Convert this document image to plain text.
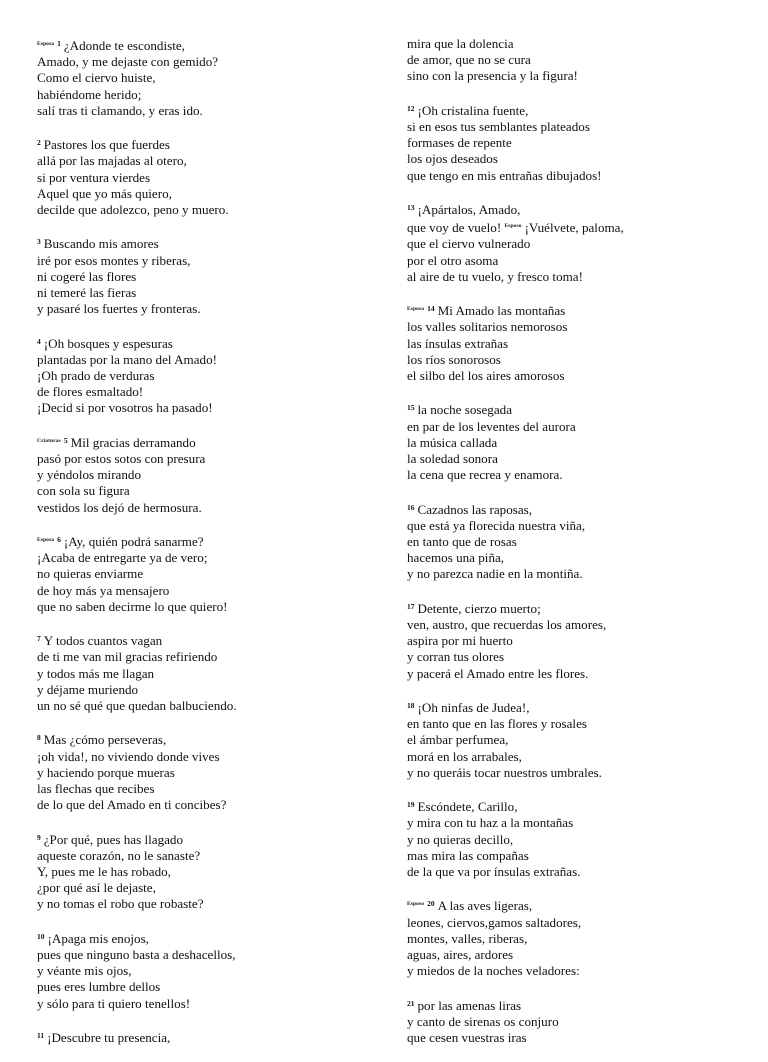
$^{Esposa}$ $^1$ ¿Adonde te escondiste,
Amado, y me dejaste con gemido?
Como el ciervo huiste,
habiéndome herido;
salí tras ti clamando, y eras ido.
$^2$ Pastores los que fuerdes
allá por las majadas al otero,
si por ventura vierdes
Aquel que yo más quiero,
decilde que adolezco, peno y muero.
$^3$ Buscando mis amores
iré por esos montes y riberas,
ni cogeré las flores
ni temeré las fieras
y pasaré los fuertes y fronteras.
$^4$ ¡Oh bosques y espesuras
plantadas por la mano del Amado!
¡Oh prado de verduras
de flores esmaltado!
¡Decid si por vosotros ha pasado!
$^{Criaturas}$ $^5$ Mil gracias derramando
pasó por estos sotos con presura
y yéndolos mirando
con sola su figura
vestidos los dejó de hermosura.
$^{Esposa}$ $^6$ ¡Ay, quién podrá sanarme?
¡Acaba de entregarte ya de vero;
no quieras enviarme
de hoy más ya mensajero
que no saben decirme lo que quiero!
$^7$ Y todos cuantos vagan
de ti me van mil gracias refiriendo
y todos más me llagan
y déjame muriendo
un no sé qué que quedan balbuciendo.
$^8$ Mas ¿cómo perseveras,
¡oh vida!, no viviendo donde vives
y haciendo porque mueras
las flechas que recibes
de lo que del Amado en ti concibes?
$^9$ ¿Por qué, pues has llagado
aqueste corazón, no le sanaste?
Y, pues me le has robado,
¿por qué así le dejaste,
y no tomas el robo que robaste?
$^{10}$ ¡Apaga mis enojos,
pues que ninguno basta a deshacellos,
y véante mis ojos,
pues eres lumbre dellos
y sólo para ti quiero tenellos!
$^{11}$ ¡Descubre tu presencia,
mira que la dolencia
de amor, que no se cura
sino con la presencia y la figura!
$^{12}$ ¡Oh cristalina fuente,
si en esos tus semblantes plateados
formases de repente
los ojos deseados
que tengo en mis entrañas dibujados!
$^{13}$ ¡Apártalos, Amado,
que voy de vuelo! $^{Esposo}$ ¡Vuélvete, paloma,
que el ciervo vulnerado
por el otro asoma
al aire de tu vuelo, y fresco toma!
$^{Esposa}$ $^{14}$ Mi Amado las montañas
los valles solitarios nemorosos
las ínsulas extrañas
los ríos sonorosos
el silbo del los aires amorosos
$^{15}$ la noche sosegada
en par de los leventes del aurora
la música callada
la soledad sonora
la cena que recrea y enamora.
$^{16}$ Cazadnos las raposas,
que está ya florecida nuestra viña,
en tanto que de rosas
hacemos una piña,
y no parezca nadie en la montiña.
$^{17}$ Detente, cierzo muerto;
ven, austro, que recuerdas los amores,
aspira por mi huerto
y corran tus olores
y pacerá el Amado entre les flores.
$^{18}$ ¡Oh ninfas de Judea!,
en tanto que en las flores y rosales
el ámbar perfumea,
morá en los arrabales,
y no queráis tocar nuestros umbrales.
$^{19}$ Escóndete, Carillo,
y mira con tu haz a la montañas
y no quieras decillo,
mas mira las compañas
de la que va por ínsulas extrañas.
$^{Esposo}$ $^{20}$ A las aves ligeras,
leones, ciervos,gamos saltadores,
montes, valles, riberas,
aguas, aires, ardores
y miedos de la noches veladores:
$^{21}$ por las amenas liras
y canto de sirenas os conjuro
que cesen vuestras iras
